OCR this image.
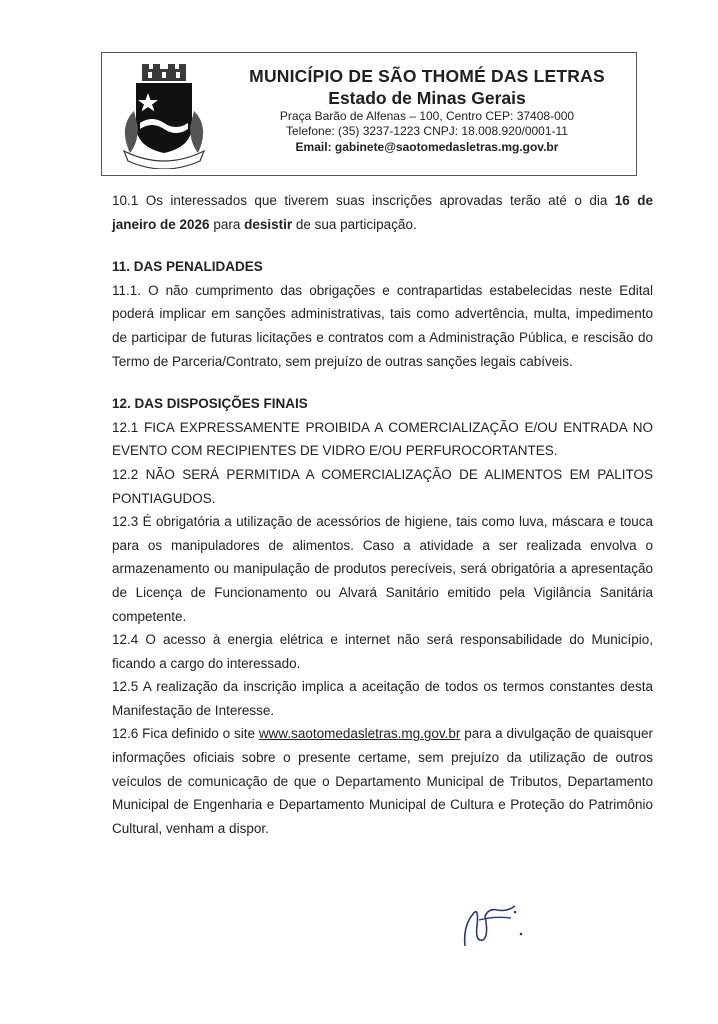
MUNICÍPIO DE SÃO THOMÉ DAS LETRAS

Estado de Minas Gerais

Praça Barão de Alfenas – 100, Centro CEP: 37408-000

Telefone: (35) 3237-1223 CNPJ: 18.008.920/0001-11

Email: gabinete@saotomedasletras.mg.gov.br

10.1 Os interessados que tiverem suas inscrições aprovadas terão até o dia 16 de janeiro de 2026 para desistir de sua participação.

11. DAS PENALIDADES

11.1. O não cumprimento das obrigações e contrapartidas estabelecidas neste Edital poderá implicar em sanções administrativas, tais como advertência, multa, impedimento de participar de futuras licitações e contratos com a Administração Pública, e rescisão do Termo de Parceria/Contrato, sem prejuízo de outras sanções legais cabíveis.

12. DAS DISPOSIÇÕES FINAIS

12.1 FICA EXPRESSAMENTE PROIBIDA A COMERCIALIZAÇÃO E/OU ENTRADA NO EVENTO COM RECIPIENTES DE VIDRO E/OU PERFUROCORTANTES.

12.2 NÃO SERÁ PERMITIDA A COMERCIALIZAÇÃO DE ALIMENTOS EM PALITOS PONTIAGUDOS.

12.3 É obrigatória a utilização de acessórios de higiene, tais como luva, máscara e touca para os manipuladores de alimentos. Caso a atividade a ser realizada envolva o armazenamento ou manipulação de produtos perecíveis, será obrigatória a apresentação de Licença de Funcionamento ou Alvará Sanitário emitido pela Vigilância Sanitária competente.

12.4 O acesso à energia elétrica e internet não será responsabilidade do Município, ficando a cargo do interessado.

12.5 A realização da inscrição implica a aceitação de todos os termos constantes desta Manifestação de Interesse.

12.6 Fica definido o site www.saotomedasletras.mg.gov.br para a divulgação de quaisquer informações oficiais sobre o presente certame, sem prejuízo da utilização de outros veículos de comunicação de que o Departamento Municipal de Tributos, Departamento Municipal de Engenharia e Departamento Municipal de Cultura e Proteção do Patrimônio Cultural, venham a dispor.
